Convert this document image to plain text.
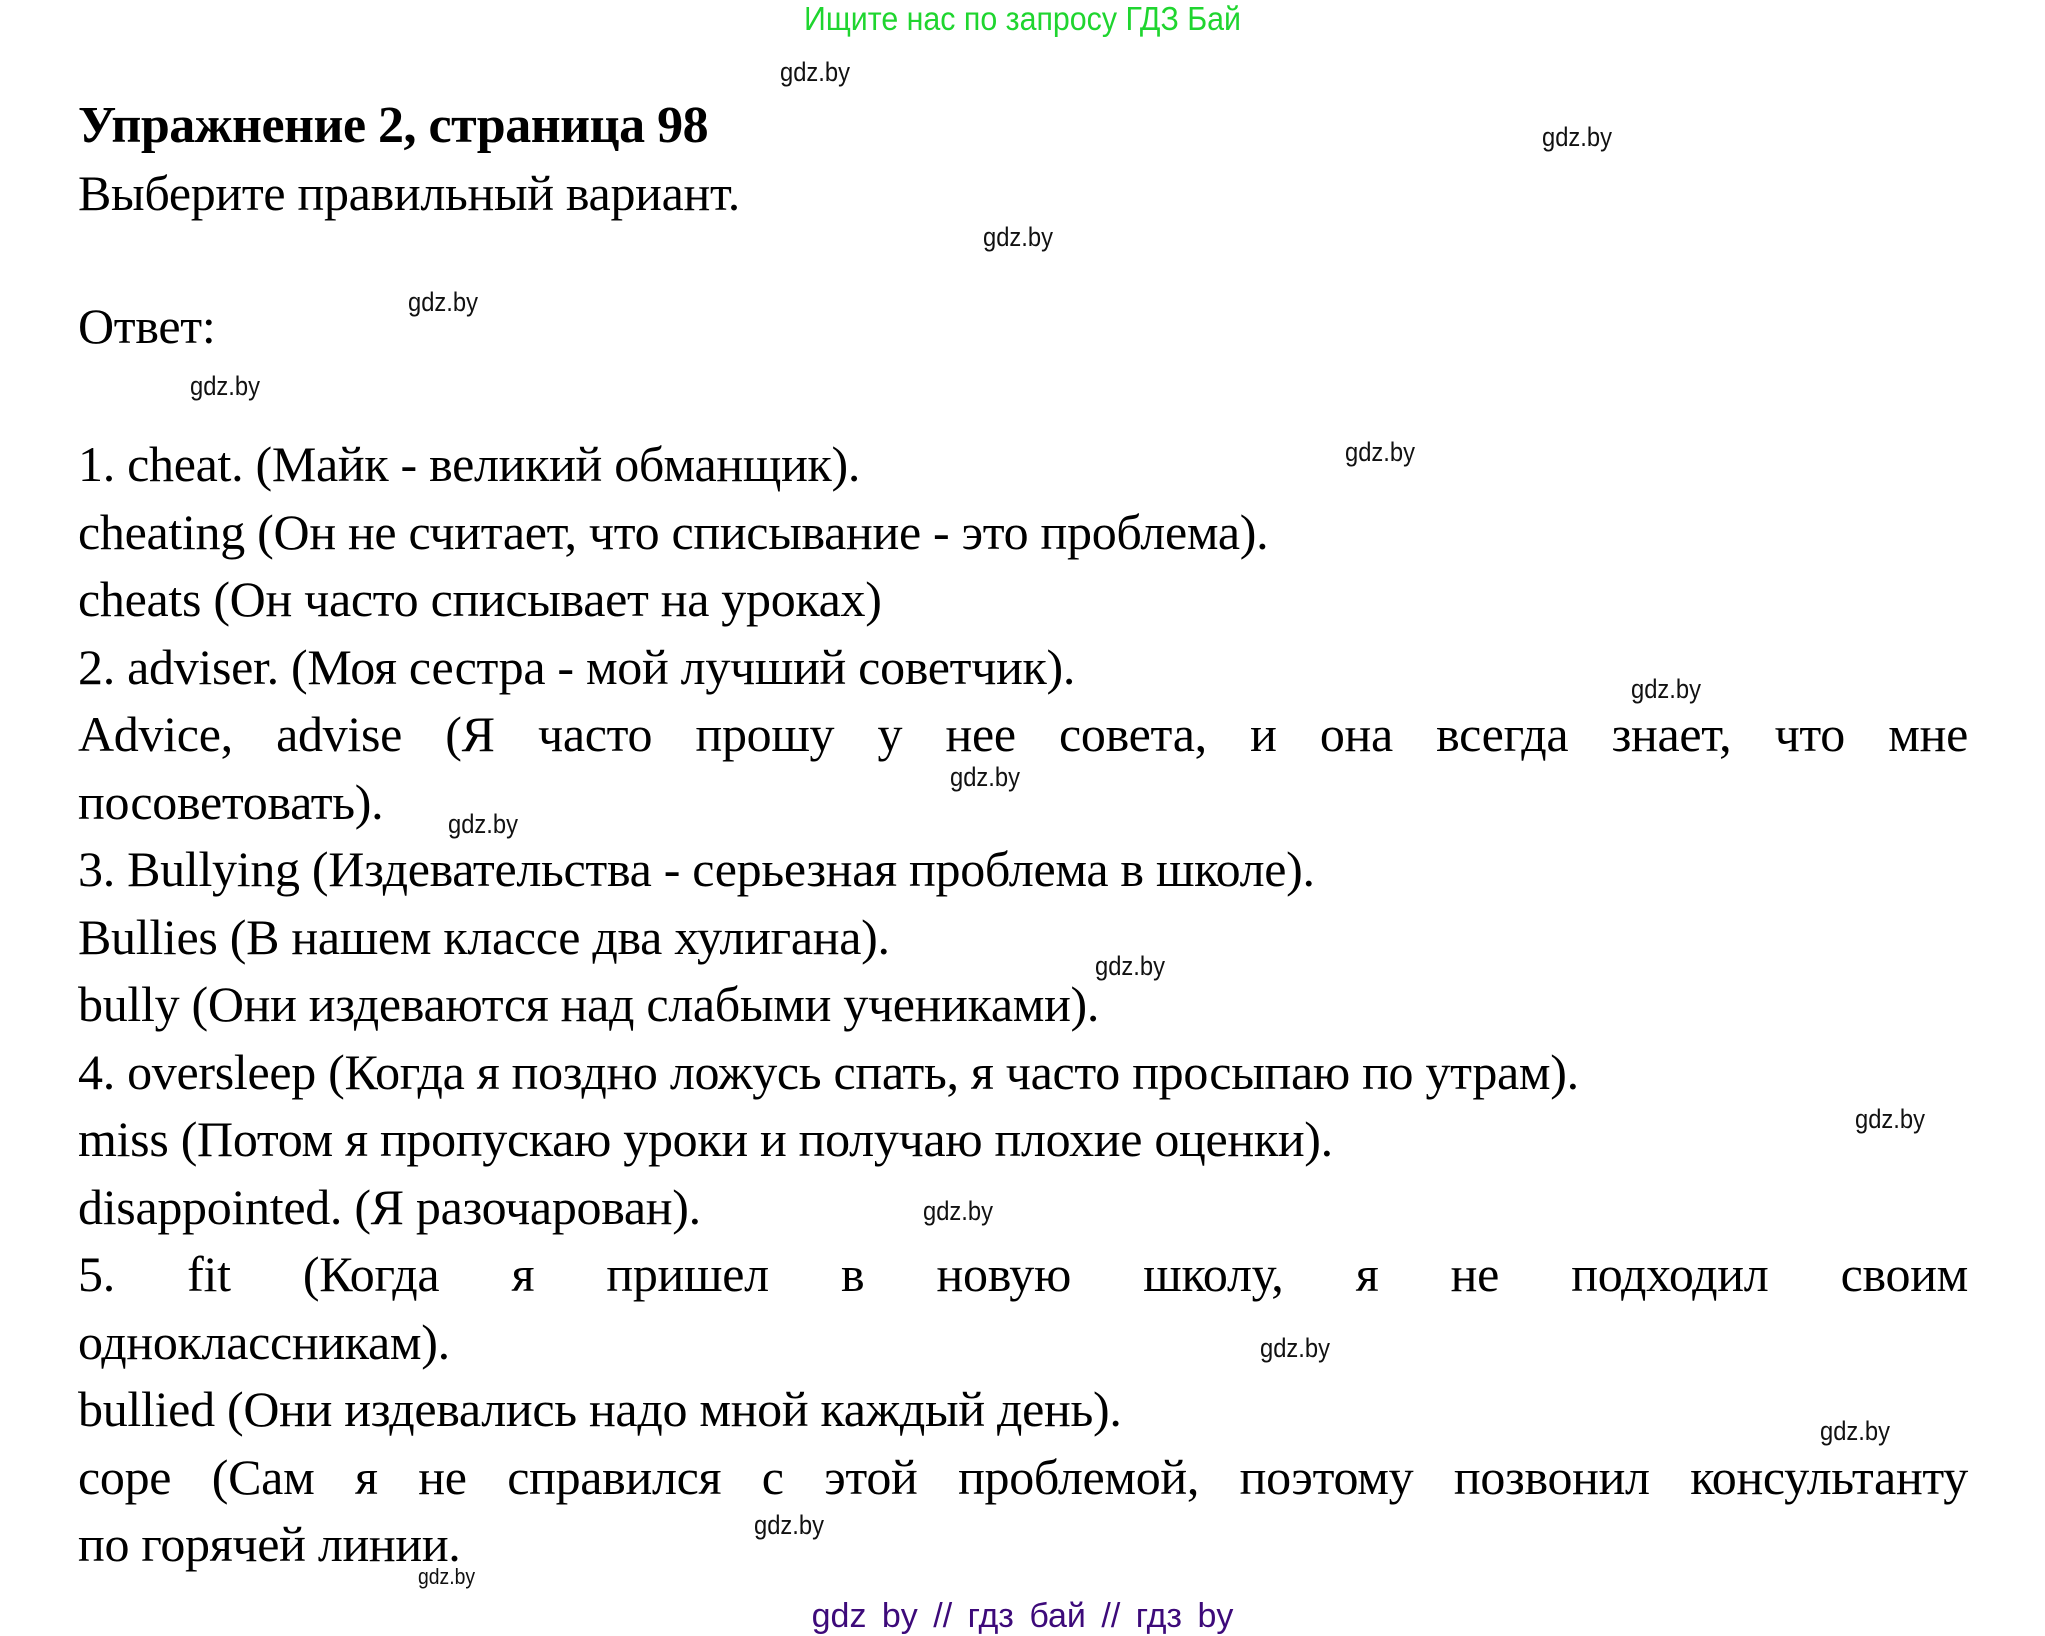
Ищите нас по запросу ГДЗ Бай

Упражнение 2, страница 98

Выберите правильный вариант.

Ответ:

1. cheat. (Майк - великий обманщик).

cheating (Он не считает, что списывание - это проблема).

cheats (Он часто списывает на уроках)

2. adviser. (Моя сестра - мой лучший советчик).

Advice, advise (Я часто прошу у нее совета, и она всегда знает, что мне

посоветовать).

3. Bullying (Издевательства - серьезная проблема в школе).

Bullies (В нашем классе два хулигана).

bully (Они издеваются над слабыми учениками).

4. oversleep (Когда я поздно ложусь спать, я часто просыпаю по утрам).

miss (Потом я пропускаю уроки и получаю плохие оценки).

disappointed. (Я разочарован).

5. fit (Когда я пришел в новую школу, я не подходил своим

одноклассникам).

bullied (Они издевались надо мной каждый день).

cope (Сам я не справился с этой проблемой, поэтому позвонил консультанту

по горячей линии.

gdz.by
gdz.by
gdz.by
gdz.by
gdz.by
gdz.by
gdz.by
gdz.by
gdz.by
gdz.by
gdz.by
gdz.by
gdz.by
gdz.by
gdz.by
gdz.by
gdz by // гдз бай // гдз by
